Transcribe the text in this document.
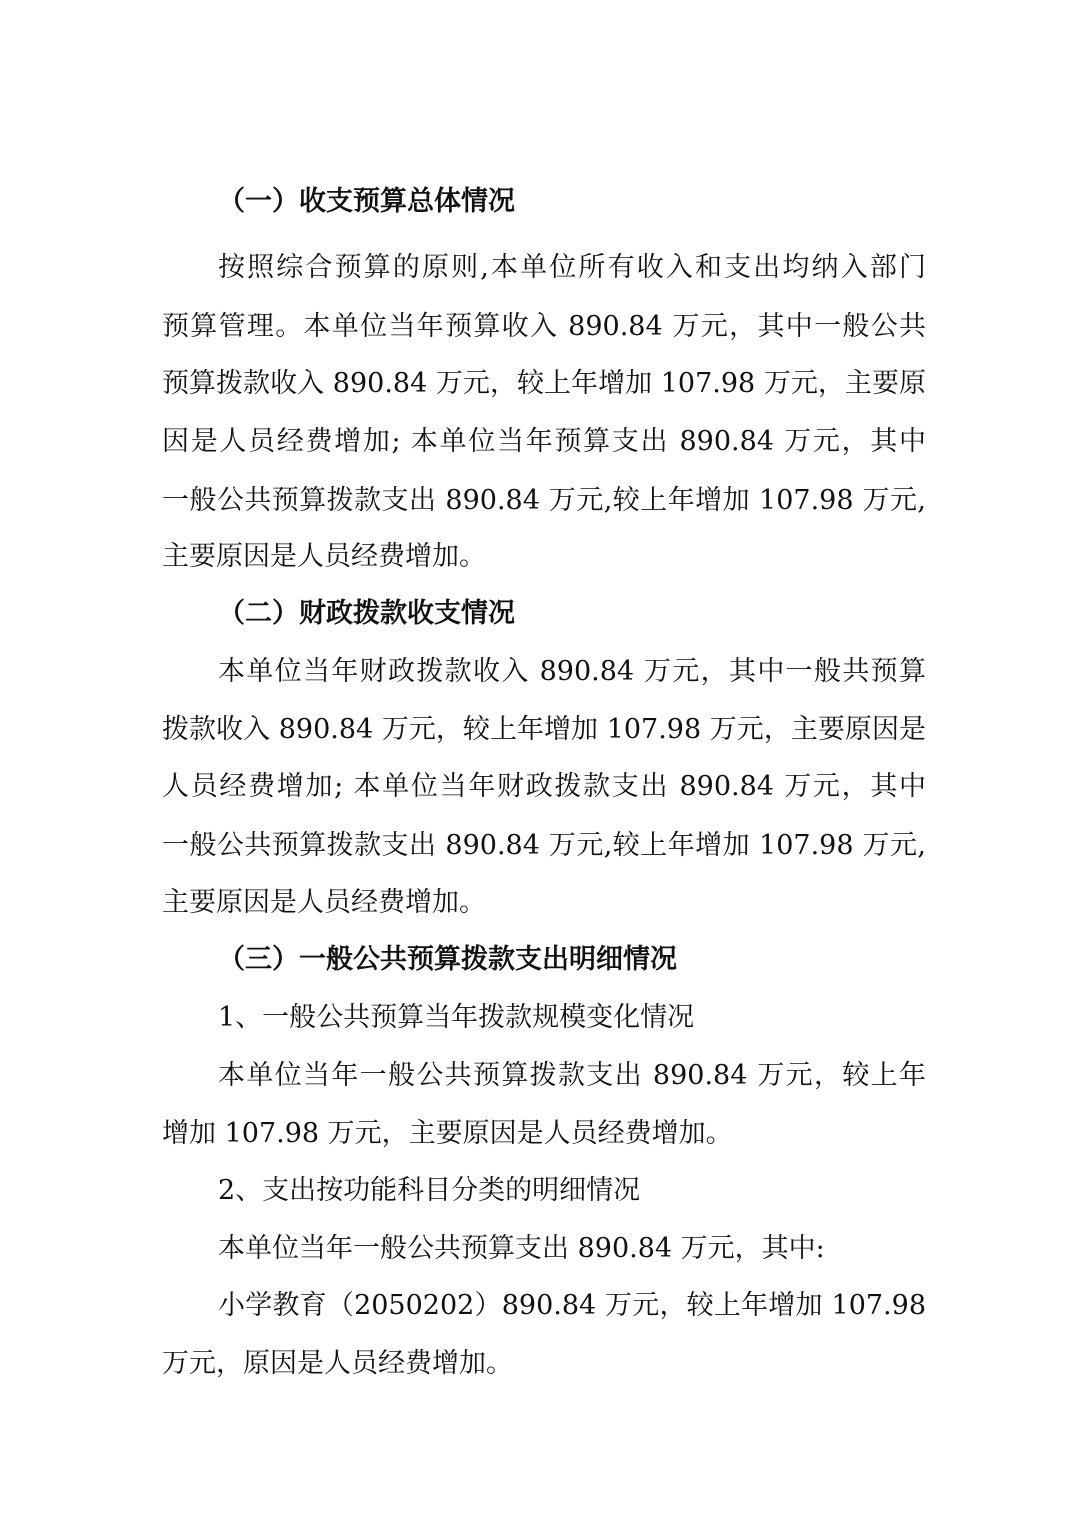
（一）收支预算总体情况
按照综合预算的原则,本单位所有收入和支出均纳入部门
预算管理。本单位当年预算收入 890.84 万元，其中一般公共
预算拨款收入 890.84 万元，较上年增加 107.98 万元，主要原
因是人员经费增加; 本单位当年预算支出 890.84 万元，其中
一般公共预算拨款支出 890.84 万元,较上年增加 107.98 万元,
主要原因是人员经费增加。
（二）财政拨款收支情况
本单位当年财政拨款收入 890.84 万元，其中一般共预算
拨款收入 890.84 万元，较上年增加 107.98 万元，主要原因是
人员经费增加; 本单位当年财政拨款支出 890.84 万元，其中
一般公共预算拨款支出 890.84 万元,较上年增加 107.98 万元,
主要原因是人员经费增加。
（三）一般公共预算拨款支出明细情况
1、一般公共预算当年拨款规模变化情况
本单位当年一般公共预算拨款支出 890.84 万元，较上年
增加 107.98 万元，主要原因是人员经费增加。
2、支出按功能科目分类的明细情况
本单位当年一般公共预算支出 890.84 万元，其中:
小学教育（2050202）890.84 万元，较上年增加 107.98
万元，原因是人员经费增加。
